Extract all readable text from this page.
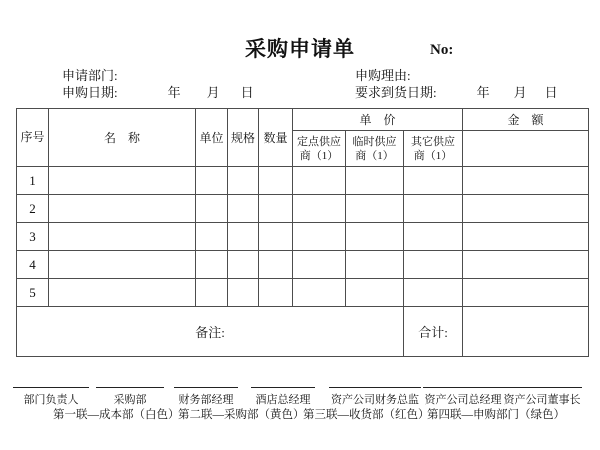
采购申请单	No:
申请部门:
申购日期:	年 月 日
申购理由:
要求到货日期:	年 月 日
序号	名　称	单位	规格	数量	单　价			金　额
					定点供应商（1）	临时供应商（1）	其它供应商（1）	
1								
2								
3								
4								
5								
备注:							合计:	
部门负责人	采购部	财务部经理	酒店总经理	资产公司财务总监 资产公司总经理 资产公司董事长
第一联—成本部（白色）
第二联—采购部（黄色）
第三联—收货部（红色）
第四联—申购部门（绿色）
